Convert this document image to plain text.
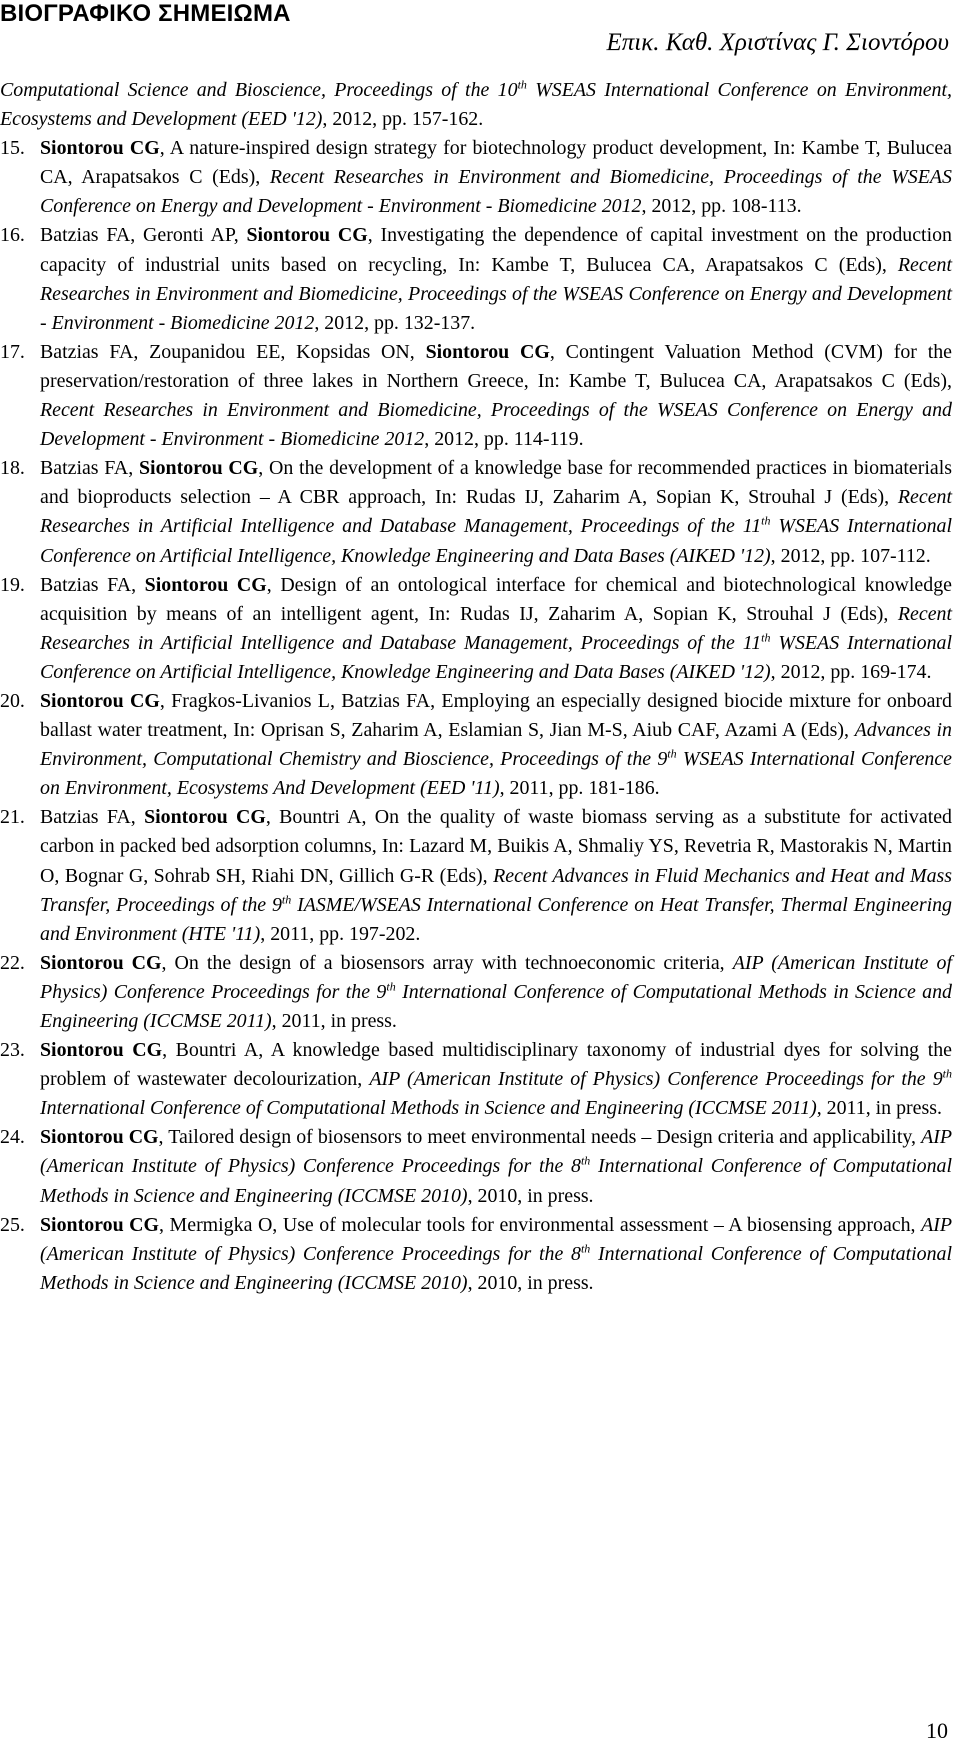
ΒΙΟΓΡΑΦΙΚΟ ΣΗΜΕΙΩΜΑ
Επικ. Καθ. Χριστίνας Γ. Σιοντόρου
Computational Science and Bioscience, Proceedings of the 10th WSEAS International Conference on Environment, Ecosystems and Development (EED '12), 2012, pp. 157-162.
15. Siontorou CG, A nature-inspired design strategy for biotechnology product development, In: Kambe T, Bulucea CA, Arapatsakos C (Eds), Recent Researches in Environment and Biomedicine, Proceedings of the WSEAS Conference on Energy and Development - Environment - Biomedicine 2012, 2012, pp. 108-113.
16. Batzias FA, Geronti AP, Siontorou CG, Investigating the dependence of capital investment on the production capacity of industrial units based on recycling, In: Kambe T, Bulucea CA, Arapatsakos C (Eds), Recent Researches in Environment and Biomedicine, Proceedings of the WSEAS Conference on Energy and Development - Environment - Biomedicine 2012, 2012, pp. 132-137.
17. Batzias FA, Zoupanidou EE, Kopsidas ON, Siontorou CG, Contingent Valuation Method (CVM) for the preservation/restoration of three lakes in Northern Greece, In: Kambe T, Bulucea CA, Arapatsakos C (Eds), Recent Researches in Environment and Biomedicine, Proceedings of the WSEAS Conference on Energy and Development - Environment - Biomedicine 2012, 2012, pp. 114-119.
18. Batzias FA, Siontorou CG, On the development of a knowledge base for recommended practices in biomaterials and bioproducts selection – A CBR approach, In: Rudas IJ, Zaharim A, Sopian K, Strouhal J (Eds), Recent Researches in Artificial Intelligence and Database Management, Proceedings of the 11th WSEAS International Conference on Artificial Intelligence, Knowledge Engineering and Data Bases (AIKED '12), 2012, pp. 107-112.
19. Batzias FA, Siontorou CG, Design of an ontological interface for chemical and biotechnological knowledge acquisition by means of an intelligent agent, In: Rudas IJ, Zaharim A, Sopian K, Strouhal J (Eds), Recent Researches in Artificial Intelligence and Database Management, Proceedings of the 11th WSEAS International Conference on Artificial Intelligence, Knowledge Engineering and Data Bases (AIKED '12), 2012, pp. 169-174.
20. Siontorou CG, Fragkos-Livanios L, Batzias FA, Employing an especially designed biocide mixture for onboard ballast water treatment, In: Oprisan S, Zaharim A, Eslamian S, Jian M-S, Aiub CAF, Azami A (Eds), Advances in Environment, Computational Chemistry and Bioscience, Proceedings of the 9th WSEAS International Conference on Environment, Ecosystems And Development (EED '11), 2011, pp. 181-186.
21. Batzias FA, Siontorou CG, Bountri A, On the quality of waste biomass serving as a substitute for activated carbon in packed bed adsorption columns, In: Lazard M, Buikis A, Shmaliy YS, Revetria R, Mastorakis N, Martin O, Bognar G, Sohrab SH, Riahi DN, Gillich G-R (Eds), Recent Advances in Fluid Mechanics and Heat and Mass Transfer, Proceedings of the 9th IASME/WSEAS International Conference on Heat Transfer, Thermal Engineering and Environment (HTE '11), 2011, pp. 197-202.
22. Siontorou CG, On the design of a biosensors array with technoeconomic criteria, AIP (American Institute of Physics) Conference Proceedings for the 9th International Conference of Computational Methods in Science and Engineering (ICCMSE 2011), 2011, in press.
23. Siontorou CG, Bountri A, A knowledge based multidisciplinary taxonomy of industrial dyes for solving the problem of wastewater decolourization, AIP (American Institute of Physics) Conference Proceedings for the 9th International Conference of Computational Methods in Science and Engineering (ICCMSE 2011), 2011, in press.
24. Siontorou CG, Tailored design of biosensors to meet environmental needs – Design criteria and applicability, AIP (American Institute of Physics) Conference Proceedings for the 8th International Conference of Computational Methods in Science and Engineering (ICCMSE 2010), 2010, in press.
25. Siontorou CG, Mermigka O, Use of molecular tools for environmental assessment – A biosensing approach, AIP (American Institute of Physics) Conference Proceedings for the 8th International Conference of Computational Methods in Science and Engineering (ICCMSE 2010), 2010, in press.
10
